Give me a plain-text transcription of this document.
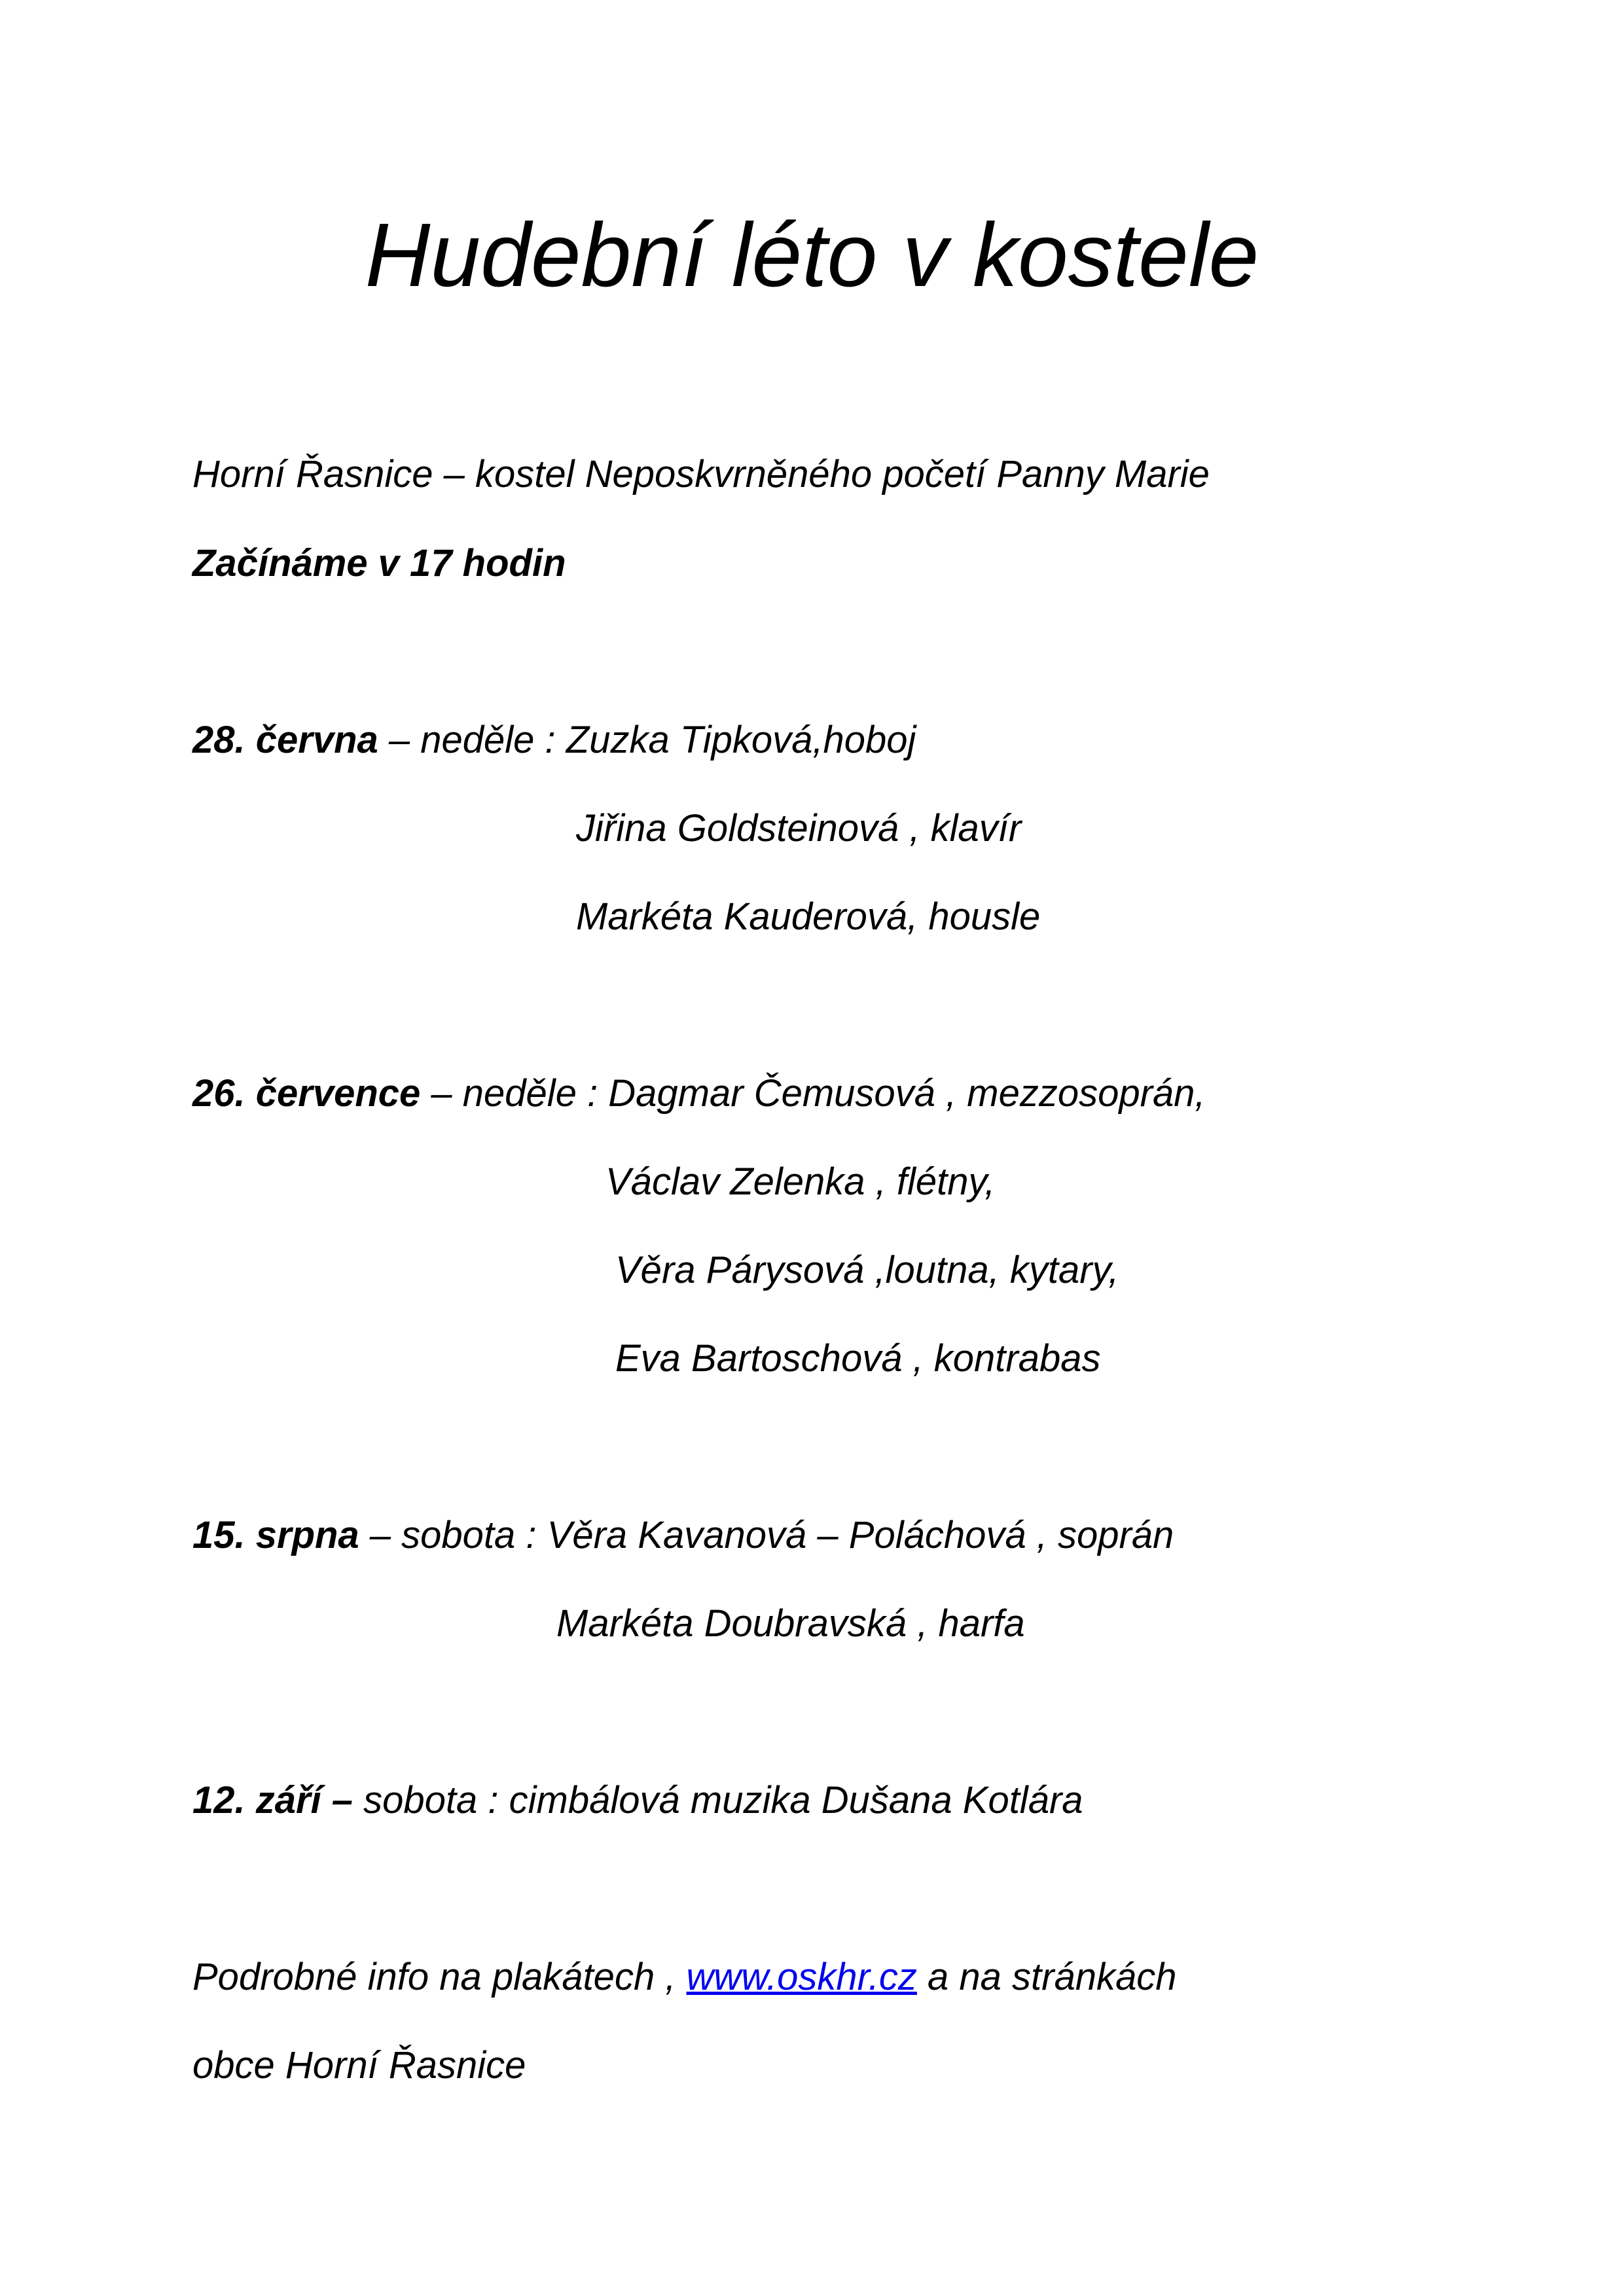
Hudební léto v kostele
Horní Řasnice – kostel Neposkvrněného početí Panny Marie
Začínáme v 17 hodin
28. června – neděle : Zuzka Tipková,hoboj
Jiřina Goldsteinová , klavír
Markéta Kauderová, housle
26. července – neděle : Dagmar Čemusová , mezzosoprán,
Václav Zelenka , flétny,
Věra Párysová ,loutna, kytary,
Eva Bartoschová , kontrabas
15. srpna – sobota : Věra Kavanová – Poláchová , soprán
Markéta Doubravská , harfa
12. září – sobota : cimbálová muzika Dušana Kotlára
Podrobné info na plakátech , www.oskhr.cz a na stránkách
obce Horní Řasnice
